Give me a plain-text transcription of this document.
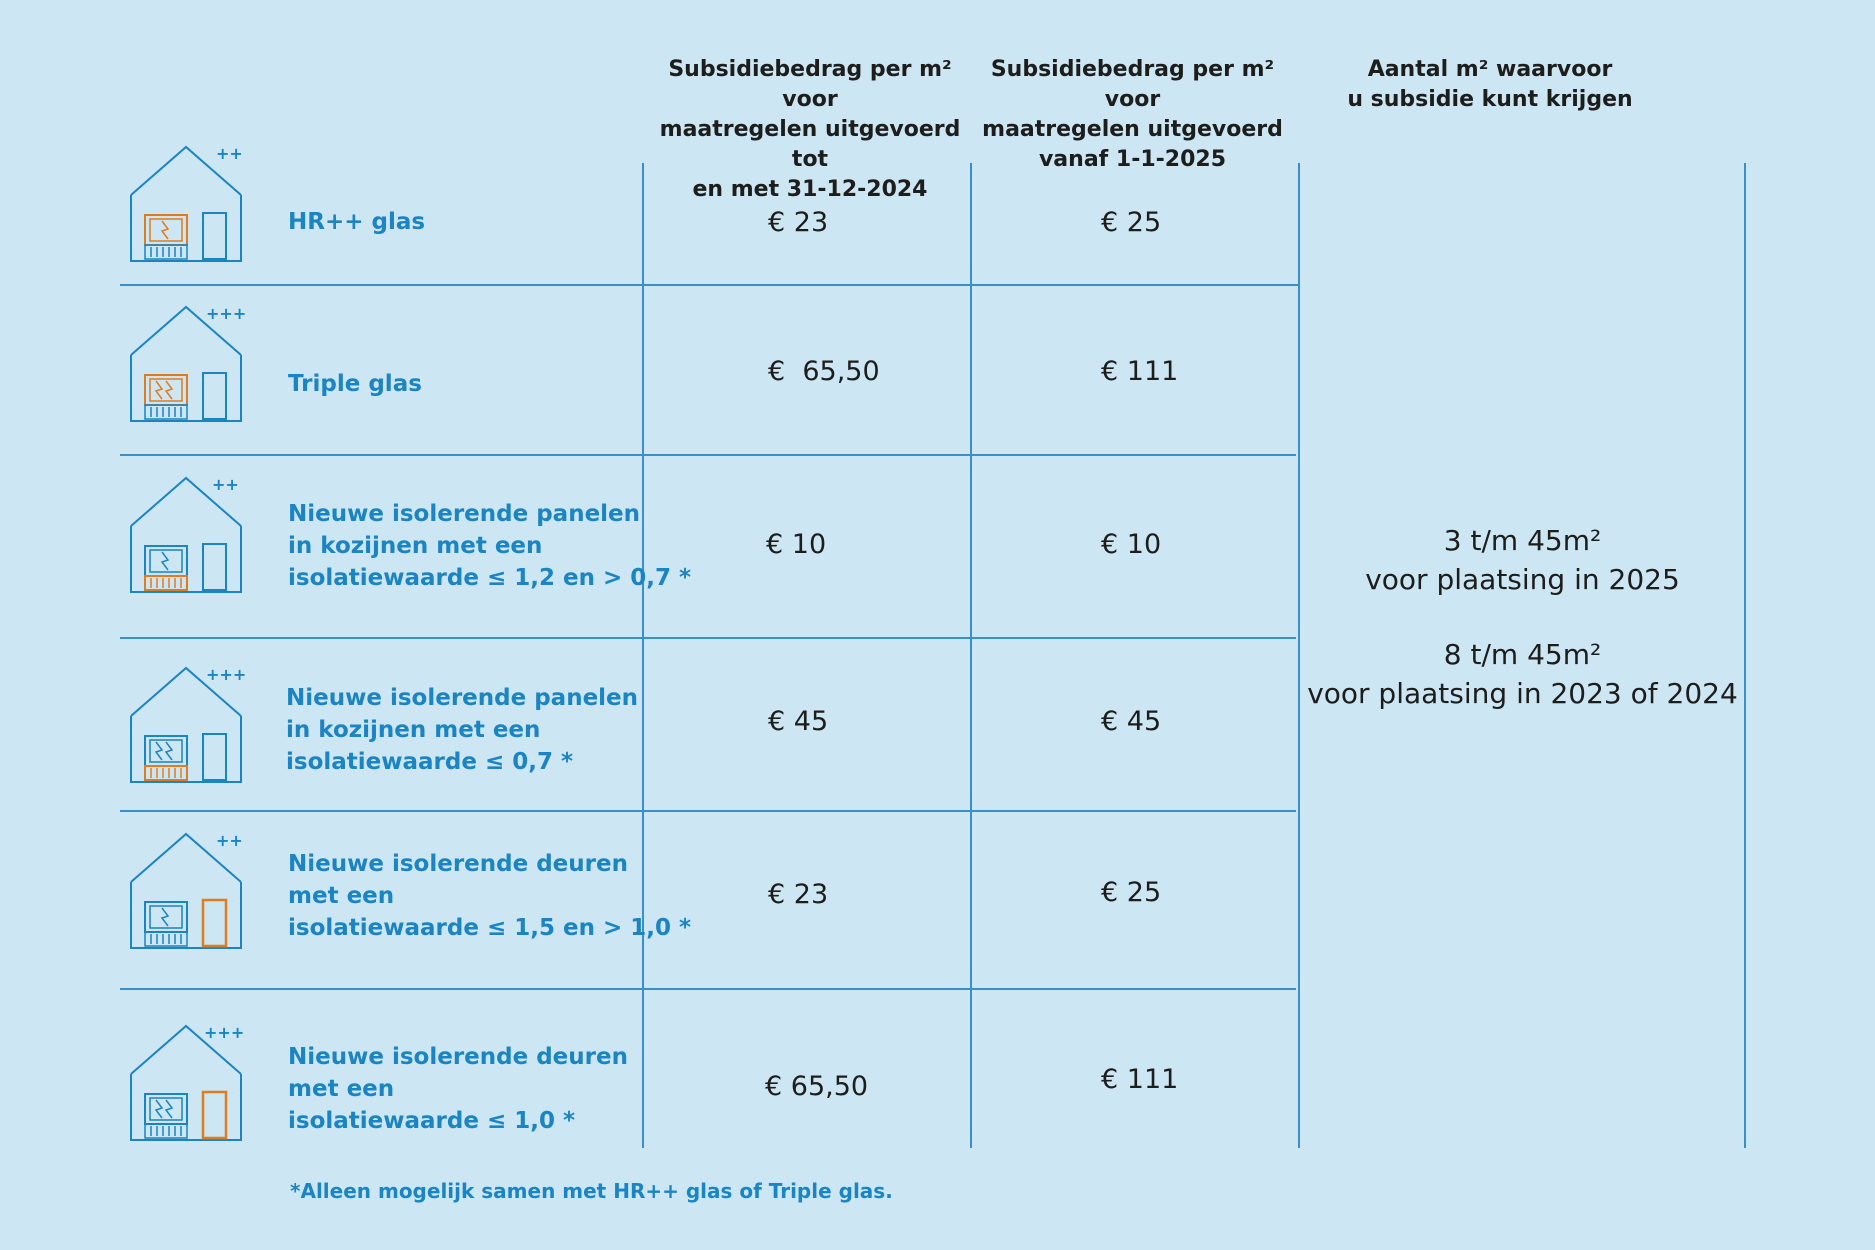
Subsidiebedrag per m² voor
maatregelen uitgevoerd tot
en met 31-12-2024
Subsidiebedrag per m² voor
maatregelen uitgevoerd
vanaf 1-1-2025
Aantal m² waarvoor
u subsidie kunt krijgen
++
HR++ glas	€ 23	€ 25
+++
Triple glas	€  65,50	€ 111
++
Nieuwe isolerende panelen
in kozijnen met een
isolatiewaarde ≤ 1,2 en > 0,7 *
€ 10	€ 10
+++
Nieuwe isolerende panelen
in kozijnen met een
isolatiewaarde ≤ 0,7 *
€ 45	€ 45
++
Nieuwe isolerende deuren
met een
isolatiewaarde ≤ 1,5 en > 1,0 *
€ 23	€ 25
+++
Nieuwe isolerende deuren
met een
isolatiewaarde ≤ 1,0 *
€ 65,50	€ 111
3 t/m 45m²
voor plaatsing in 2025
8 t/m 45m²
voor plaatsing in 2023 of 2024
*Alleen mogelijk samen met HR++ glas of Triple glas.
